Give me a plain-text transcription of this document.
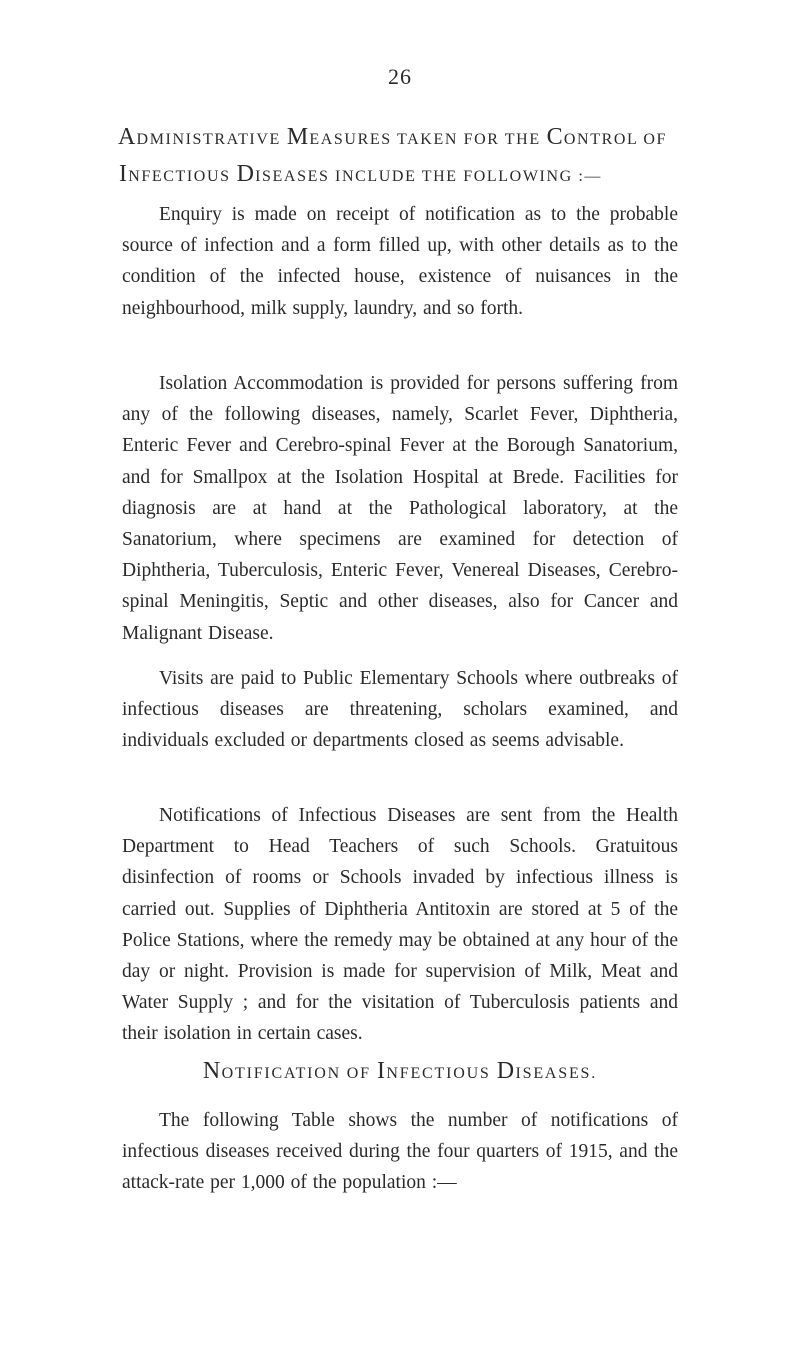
26
ADMINISTRATIVE MEASURES TAKEN FOR THE CONTROL OF
INFECTIOUS DISEASES INCLUDE THE FOLLOWING :—

Enquiry is made on receipt of notification as to the probable source of infection and a form filled up, with other details as to the condition of the infected house, existence of nuisances in the neighbourhood, milk supply, laundry, and so forth.

Isolation Accommodation is provided for persons suffering from any of the following diseases, namely, Scarlet Fever, Diphtheria, Enteric Fever and Cerebro-spinal Fever at the Borough Sanatorium, and for Smallpox at the Isolation Hospital at Brede. Facilities for diagnosis are at hand at the Pathological laboratory, at the Sanatorium, where specimens are examined for detection of Diphtheria, Tuberculosis, Enteric Fever, Venereal Diseases, Cerebro-spinal Meningitis, Septic and other diseases, also for Cancer and Malignant Disease.

Visits are paid to Public Elementary Schools where outbreaks of infectious diseases are threatening, scholars examined, and individuals excluded or departments closed as seems advisable.

Notifications of Infectious Diseases are sent from the Health Department to Head Teachers of such Schools. Gratuitous disinfection of rooms or Schools invaded by infectious illness is carried out. Supplies of Diphtheria Antitoxin are stored at 5 of the Police Stations, where the remedy may be obtained at any hour of the day or night. Provision is made for supervision of Milk, Meat and Water Supply ; and for the visitation of Tuberculosis patients and their isolation in certain cases.

NOTIFICATION OF INFECTIOUS DISEASES.

The following Table shows the number of notifications of infectious diseases received during the four quarters of 1915, and the attack-rate per 1,000 of the population :—
